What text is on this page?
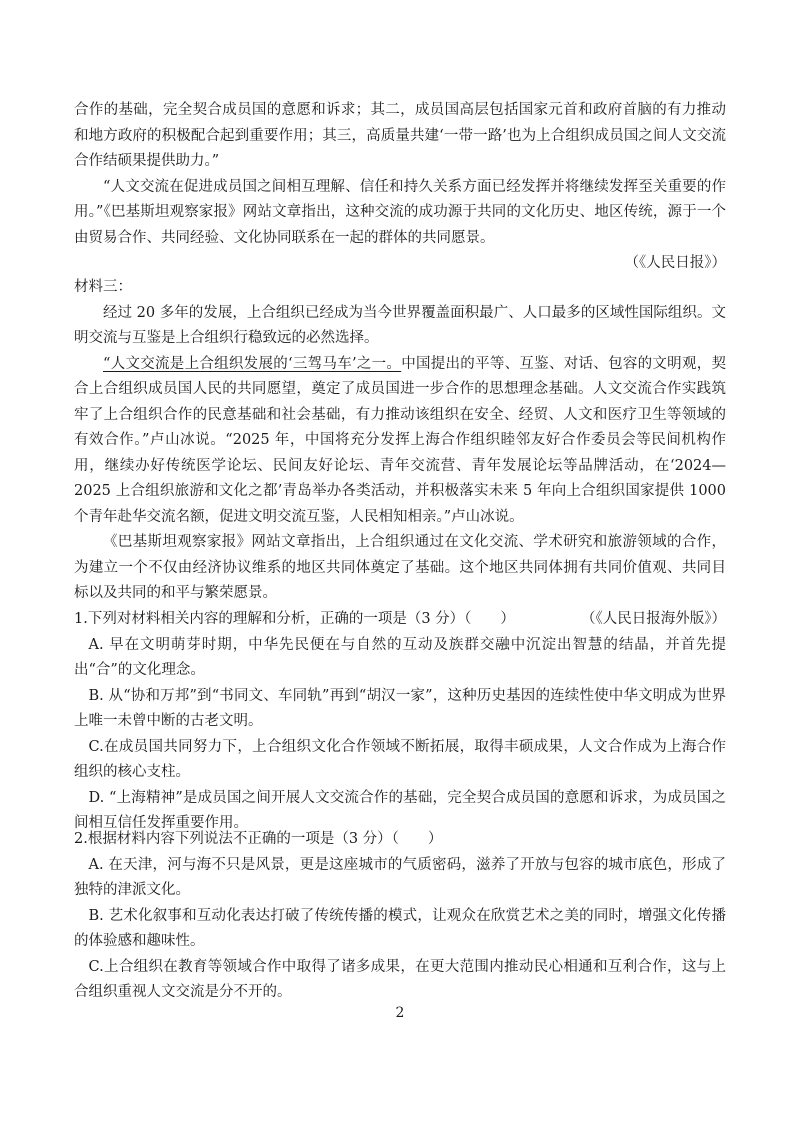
合作的基础，完全契合成员国的意愿和诉求；其二，成员国高层包括国家元首和政府首脑的有力推动和地方政府的积极配合起到重要作用；其三，高质量共建‘一带一路’也为上合组织成员国之间人文交流合作结硕果提供助力。”

“人文交流在促进成员国之间相互理解、信任和持久关系方面已经发挥并将继续发挥至关重要的作用。”《巴基斯坦观察家报》网站文章指出，这种交流的成功源于共同的文化历史、地区传统，源于一个由贸易合作、共同经验、文化协同联系在一起的群体的共同愿景。

（《人民日报》）

材料三：

经过 20 多年的发展，上合组织已经成为当今世界覆盖面积最广、人口最多的区域性国际组织。文明交流与互鉴是上合组织行稳致远的必然选择。

“人文交流是上合组织发展的‘三驾马车’之一。中国提出的平等、互鉴、对话、包容的文明观，契合上合组织成员国人民的共同愿望，奠定了成员国进一步合作的思想理念基础。人文交流合作实践筑牢了上合组织合作的民意基础和社会基础，有力推动该组织在安全、经贸、人文和医疗卫生等领域的有效合作。”卢山冰说。“2025 年，中国将充分发挥上海合作组织睦邻友好合作委员会等民间机构作用，继续办好传统医学论坛、民间友好论坛、青年交流营、青年发展论坛等品牌活动，在‘2024—2025 上合组织旅游和文化之都’青岛举办各类活动，并积极落实未来 5 年向上合组织国家提供 1000 个青年赴华交流名额，促进文明交流互鉴，人民相知相亲。”卢山冰说。

《巴基斯坦观察家报》网站文章指出，上合组织通过在文化交流、学术研究和旅游领域的合作，为建立一个不仅由经济协议维系的地区共同体奠定了基础。这个地区共同体拥有共同价值观、共同目标以及共同的和平与繁荣愿景。

（《人民日报海外版》）

1.下列对材料相关内容的理解和分析，正确的一项是（3 分）（　　）

A. 早在文明萌芽时期，中华先民便在与自然的互动及族群交融中沉淀出智慧的结晶，并首先提出“合”的文化理念。

B. 从“协和万邦”到“书同文、车同轨”再到“胡汉一家”，这种历史基因的连续性使中华文明成为世界上唯一未曾中断的古老文明。

C.在成员国共同努力下，上合组织文化合作领域不断拓展，取得丰硕成果，人文合作成为上海合作组织的核心支柱。

D. “上海精神”是成员国之间开展人文交流合作的基础，完全契合成员国的意愿和诉求，为成员国之间相互信任发挥重要作用。

2.根据材料内容下列说法不正确的一项是（3 分）（　　）

A. 在天津，河与海不只是风景，更是这座城市的气质密码，滋养了开放与包容的城市底色，形成了独特的津派文化。

B. 艺术化叙事和互动化表达打破了传统传播的模式，让观众在欣赏艺术之美的同时，增强文化传播的体验感和趣味性。

C.上合组织在教育等领域合作中取得了诸多成果，在更大范围内推动民心相通和互利合作，这与上合组织重视人文交流是分不开的。

2
